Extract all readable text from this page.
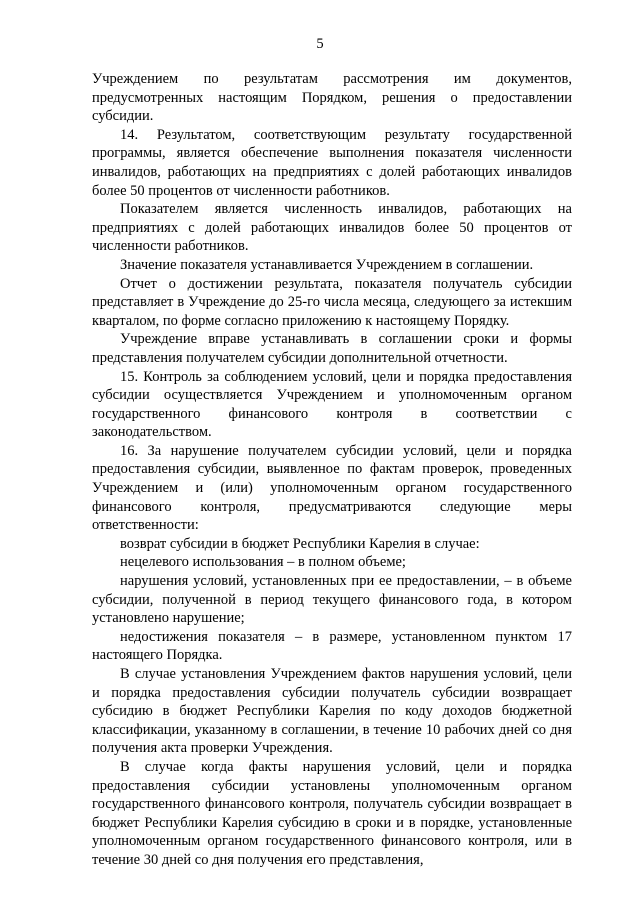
5

Учреждением по результатам рассмотрения им документов, предусмотренных настоящим Порядком, решения о предоставлении субсидии.

14. Результатом, соответствующим результату государственной программы, является обеспечение выполнения показателя численности инвалидов, работающих на предприятиях с долей работающих инвалидов более 50 процентов от численности работников.

Показателем является численность инвалидов, работающих на предприятиях с долей работающих инвалидов более 50 процентов от численности работников.

Значение показателя устанавливается Учреждением в соглашении.

Отчет о достижении результата, показателя получатель субсидии представляет в Учреждение до 25-го числа месяца, следующего за истекшим кварталом, по форме согласно приложению к настоящему Порядку.

Учреждение вправе устанавливать в соглашении сроки и формы представления получателем субсидии дополнительной отчетности.

15. Контроль за соблюдением условий, цели и порядка предоставления субсидии осуществляется Учреждением и уполномоченным органом государственного финансового контроля в соответствии с законодательством.

16. За нарушение получателем субсидии условий, цели и порядка предоставления субсидии, выявленное по фактам проверок, проведенных Учреждением и (или) уполномоченным органом государственного финансового контроля, предусматриваются следующие меры ответственности:

возврат субсидии в бюджет Республики Карелия в случае:

нецелевого использования – в полном объеме;

нарушения условий, установленных при ее предоставлении, – в объеме субсидии, полученной в период текущего финансового года, в котором установлено нарушение;

недостижения показателя – в размере, установленном пунктом 17 настоящего Порядка.

В случае установления Учреждением фактов нарушения условий, цели и порядка предоставления субсидии получатель субсидии возвращает субсидию в бюджет Республики Карелия по коду доходов бюджетной классификации, указанному в соглашении, в течение 10 рабочих дней со дня получения акта проверки Учреждения.

В случае когда факты нарушения условий, цели и порядка предоставления субсидии установлены уполномоченным органом государственного финансового контроля, получатель субсидии возвращает в бюджет Республики Карелия субсидию в сроки и в порядке, установленные уполномоченным органом государственного финансового контроля, или в течение 30 дней со дня получения его представления,
